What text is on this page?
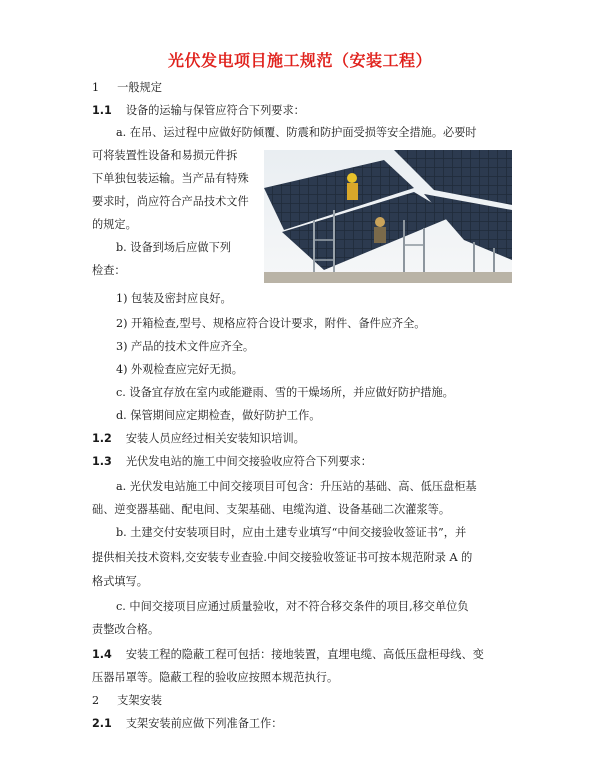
光伏发电项目施工规范（安装工程）
1 一般规定
1.1 设备的运输与保管应符合下列要求：
a. 在吊、运过程中应做好防倾覆、防震和防护面受损等安全措施。必要时
可将装置性设备和易损元件拆
下单独包装运输。当产品有特殊
要求时，尚应符合产品技术文件
的规定。
b. 设备到场后应做下列
检查：
1) 包装及密封应良好。
2) 开箱检查,型号、规格应符合设计要求，附件、备件应齐全。
3) 产品的技术文件应齐全。
4) 外观检查应完好无损。
c. 设备宜存放在室内或能避雨、雪的干燥场所，并应做好防护措施。
d. 保管期间应定期检查，做好防护工作。
1.2 安装人员应经过相关安装知识培训。
1.3 光伏发电站的施工中间交接验收应符合下列要求：
a. 光伏发电站施工中间交接项目可包含：升压站的基础、高、低压盘柜基
础、逆变器基础、配电间、支架基础、电缆沟道、设备基础二次灌浆等。
b. 土建交付安装项目时，应由土建专业填写“中间交接验收签证书”，并
提供相关技术资料,交安装专业查验.中间交接验收签证书可按本规范附录 A 的
格式填写。
c. 中间交接项目应通过质量验收，对不符合移交条件的项目,移交单位负
责整改合格。
1.4 安装工程的隐蔽工程可包括：接地装置，直埋电缆、高低压盘柜母线、变
压器吊罩等。隐蔽工程的验收应按照本规范执行。
2 支架安装
2.1 支架安装前应做下列准备工作：
